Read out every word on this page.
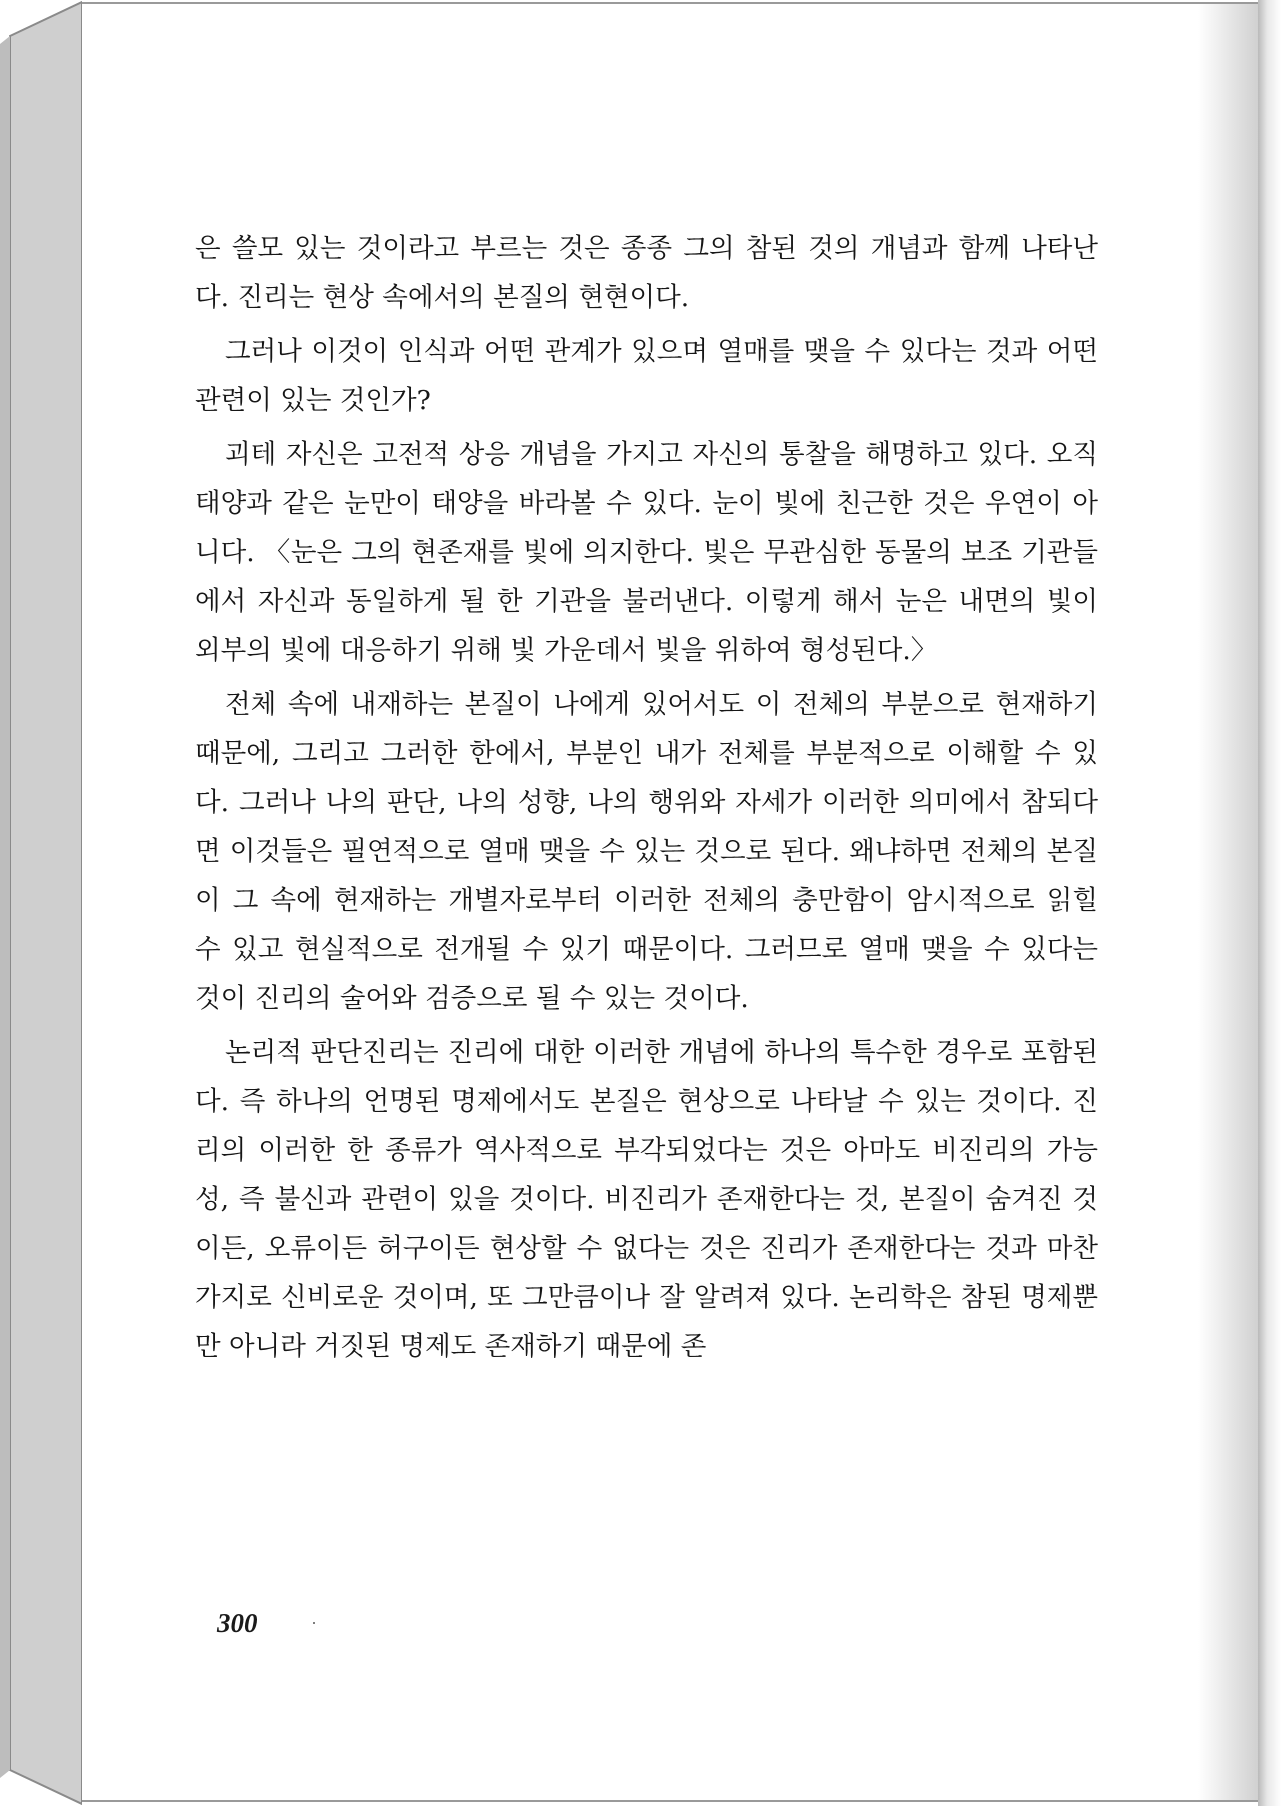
은 쓸모 있는 것이라고 부르는 것은 종종 그의 참된 것의 개념과 함께 나타난다. 진리는 현상 속에서의 본질의 현현이다.

그러나 이것이 인식과 어떤 관계가 있으며 열매를 맺을 수 있다는 것과 어떤 관련이 있는 것인가?

괴테 자신은 고전적 상응 개념을 가지고 자신의 통찰을 해명하고 있다. 오직 태양과 같은 눈만이 태양을 바라볼 수 있다. 눈이 빛에 친근한 것은 우연이 아니다. 〈눈은 그의 현존재를 빛에 의지한다. 빛은 무관심한 동물의 보조 기관들에서 자신과 동일하게 될 한 기관을 불러낸다. 이렇게 해서 눈은 내면의 빛이 외부의 빛에 대응하기 위해 빛 가운데서 빛을 위하여 형성된다.〉

전체 속에 내재하는 본질이 나에게 있어서도 이 전체의 부분으로 현재하기 때문에, 그리고 그러한 한에서, 부분인 내가 전체를 부분적으로 이해할 수 있다. 그러나 나의 판단, 나의 성향, 나의 행위와 자세가 이러한 의미에서 참되다면 이것들은 필연적으로 열매 맺을 수 있는 것으로 된다. 왜냐하면 전체의 본질이 그 속에 현재하는 개별자로부터 이러한 전체의 충만함이 암시적으로 읽힐 수 있고 현실적으로 전개될 수 있기 때문이다. 그러므로 열매 맺을 수 있다는 것이 진리의 술어와 검증으로 될 수 있는 것이다.

논리적 판단진리는 진리에 대한 이러한 개념에 하나의 특수한 경우로 포함된다. 즉 하나의 언명된 명제에서도 본질은 현상으로 나타날 수 있는 것이다. 진리의 이러한 한 종류가 역사적으로 부각되었다는 것은 아마도 비진리의 가능성, 즉 불신과 관련이 있을 것이다. 비진리가 존재한다는 것, 본질이 숨겨진 것이든, 오류이든 허구이든 현상할 수 없다는 것은 진리가 존재한다는 것과 마찬가지로 신비로운 것이며, 또 그만큼이나 잘 알려져 있다. 논리학은 참된 명제뿐만 아니라 거짓된 명제도 존재하기 때문에 존

300
